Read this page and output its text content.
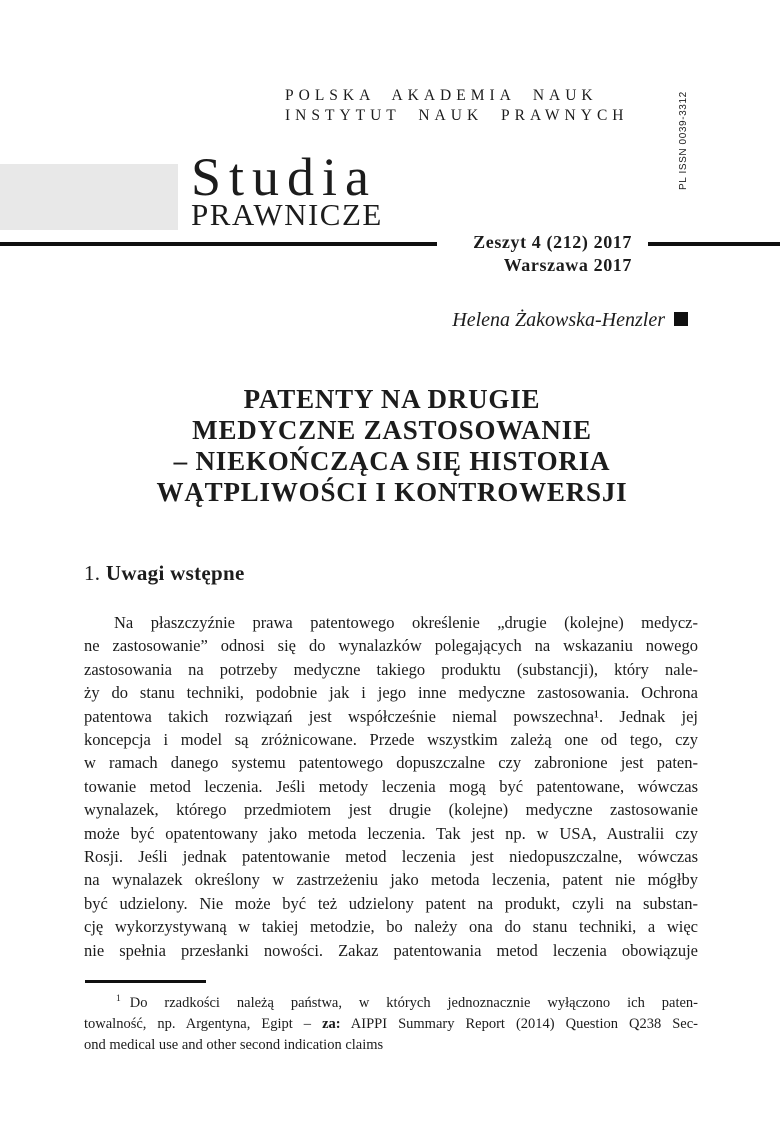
POLSKA AKADEMIA NAUK
INSTYTUT NAUK PRAWNYCH	PL ISSN 0039-3312
Studia
PRAWNICZE
Zeszyt 4 (212) 2017
Warszawa 2017
Helena Żakowska-Henzler
PATENTY NA DRUGIE
MEDYCZNE ZASTOSOWANIE
– NIEKOŃCZĄCA SIĘ HISTORIA
WĄTPLIWOŚCI I KONTROWERSJI
1. Uwagi wstępne
Na płaszczyźnie prawa patentowego określenie „drugie (kolejne) medycz-
ne zastosowanie” odnosi się do wynalazków polegających na wskazaniu nowego
zastosowania na potrzeby medyczne takiego produktu (substancji), który nale-
ży do stanu techniki, podobnie jak i jego inne medyczne zastosowania. Ochrona
patentowa takich rozwiązań jest współcześnie niemal powszechna¹. Jednak jej
koncepcja i model są zróżnicowane. Przede wszystkim zależą one od tego, czy
w ramach danego systemu patentowego dopuszczalne czy zabronione jest paten-
towanie metod leczenia. Jeśli metody leczenia mogą być patentowane, wówczas
wynalazek, którego przedmiotem jest drugie (kolejne) medyczne zastosowanie
może być opatentowany jako metoda leczenia. Tak jest np. w USA, Australii czy
Rosji. Jeśli jednak patentowanie metod leczenia jest niedopuszczalne, wówczas
na wynalazek określony w zastrzeżeniu jako metoda leczenia, patent nie mógłby
być udzielony. Nie może być też udzielony patent na produkt, czyli na substan-
cję wykorzystywaną w takiej metodzie, bo należy ona do stanu techniki, a więc
nie spełnia przesłanki nowości. Zakaz patentowania metod leczenia obowiązuje
$^1$ Do rzadkości należą państwa, w których jednoznacznie wyłączono ich paten-
towalność, np. Argentyna, Egipt – za: AIPPI Summary Report (2014) Question Q238 Sec-
ond medical use and other second indication claims
